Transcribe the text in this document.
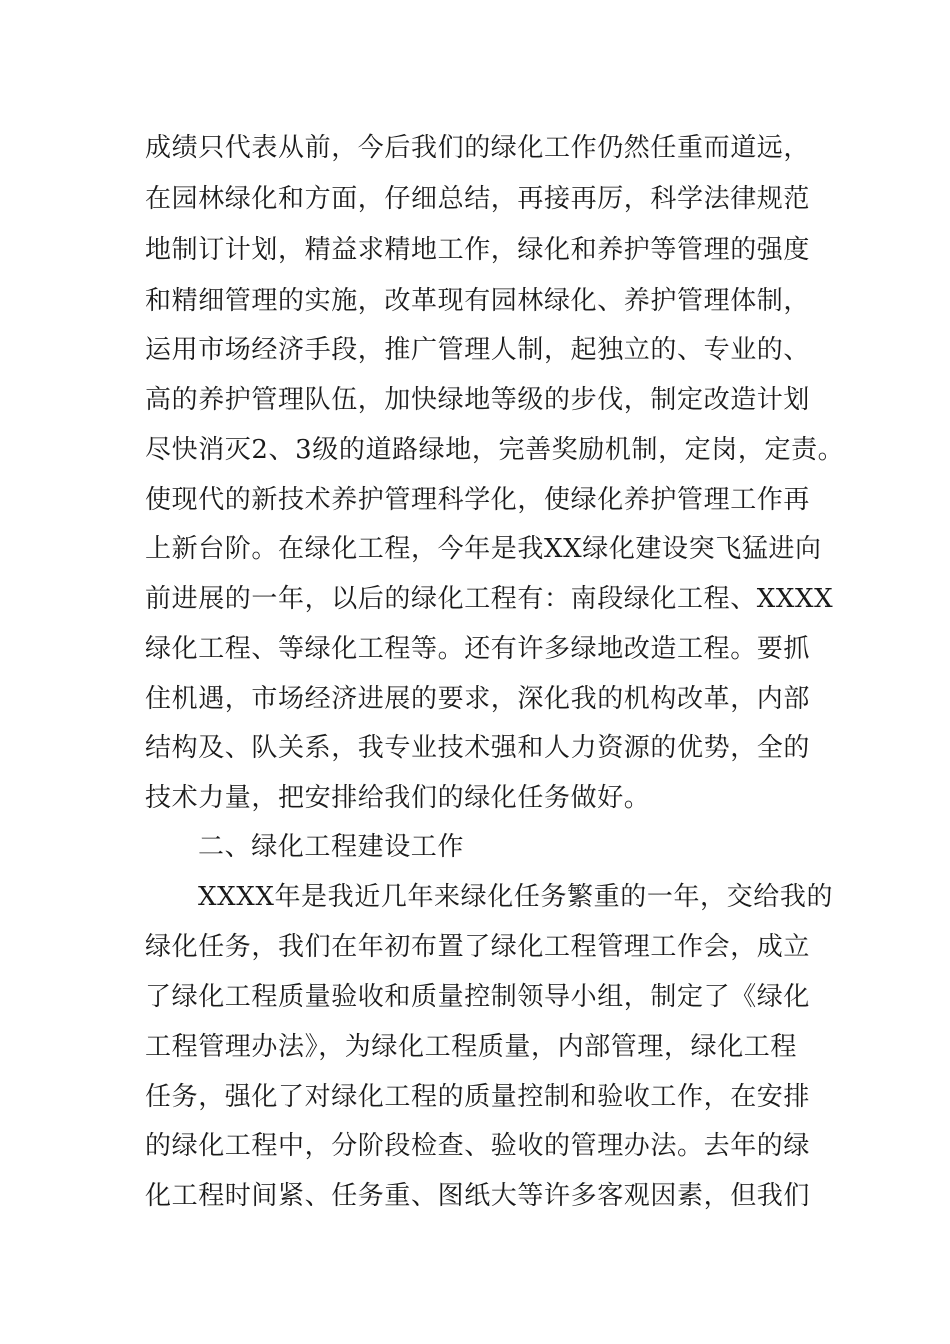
成绩只代表从前，今后我们的绿化工作仍然任重而道远，
在园林绿化和方面，仔细总结，再接再厉，科学法律规范
地制订计划，精益求精地工作，绿化和养护等管理的强度
和精细管理的实施，改革现有园林绿化、养护管理体制，
运用市场经济手段，推广管理人制，起独立的、专业的、
高的养护管理队伍，加快绿地等级的步伐，制定改造计划
尽快消灭2、3级的道路绿地，完善奖励机制，定岗，定责。
使现代的新技术养护管理科学化，使绿化养护管理工作再
上新台阶。在绿化工程，今年是我XX绿化建设突飞猛进向
前进展的一年，以后的绿化工程有：南段绿化工程、XXXX
绿化工程、等绿化工程等。还有许多绿地改造工程。要抓
住机遇，市场经济进展的要求，深化我的机构改革，内部
结构及、队关系，我专业技术强和人力资源的优势，全的
技术力量，把安排给我们的绿化任务做好。
二、绿化工程建设工作
XXXX年是我近几年来绿化任务繁重的一年，交给我的
绿化任务，我们在年初布置了绿化工程管理工作会，成立
了绿化工程质量验收和质量控制领导小组，制定了《绿化
工程管理办法》，为绿化工程质量，内部管理，绿化工程
任务，强化了对绿化工程的质量控制和验收工作，在安排
的绿化工程中，分阶段检查、验收的管理办法。去年的绿
化工程时间紧、任务重、图纸大等许多客观因素，但我们
